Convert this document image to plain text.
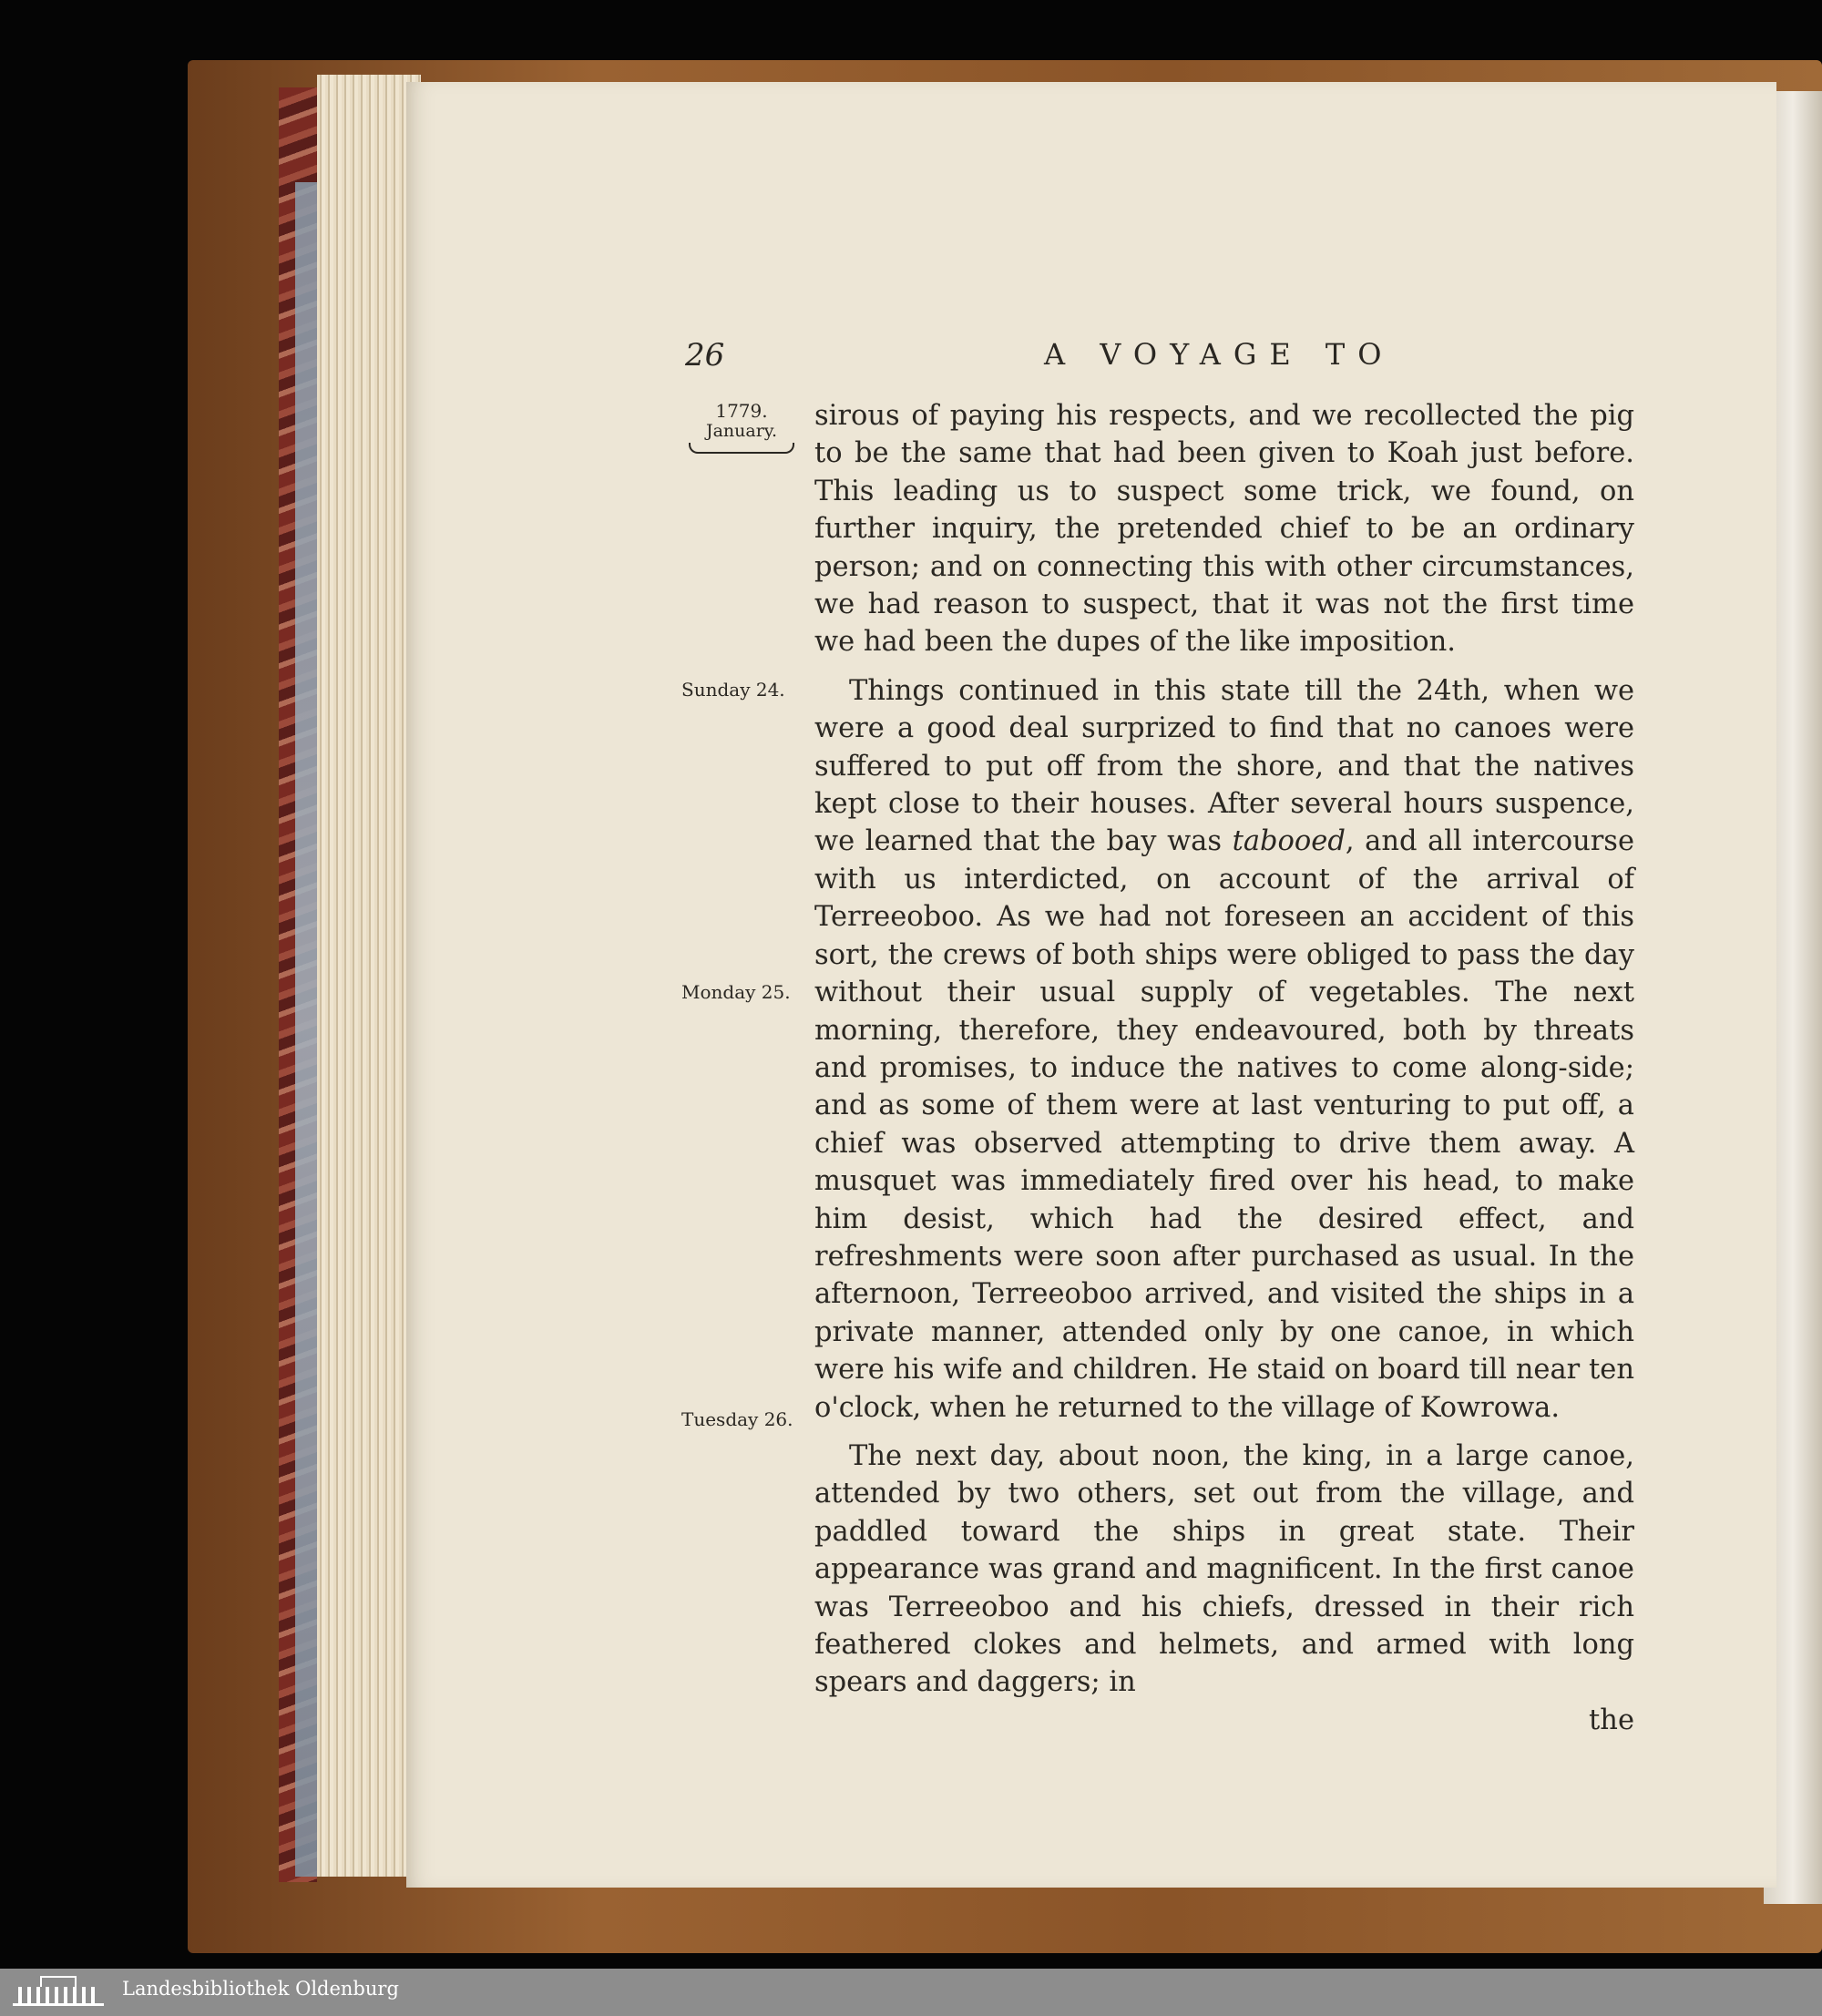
26	A VOYAGE TO
1779.
January.
Sunday 24.
Monday 25.
Tuesday 26.

sirous of paying his respects, and we recollected the pig to be the same that had been given to Koah just before. This leading us to suspect some trick, we found, on further inquiry, the pretended chief to be an ordinary person; and on connecting this with other circumstances, we had reason to suspect, that it was not the first time we had been the dupes of the like imposition.

Things continued in this state till the 24th, when we were a good deal surprized to find that no canoes were suffered to put off from the shore, and that the natives kept close to their houses. After several hours suspence, we learned that the bay was tabooed, and all intercourse with us interdicted, on account of the arrival of Terreeoboo. As we had not foreseen an accident of this sort, the crews of both ships were obliged to pass the day without their usual supply of vegetables. The next morning, therefore, they endeavoured, both by threats and promises, to induce the natives to come along-side; and as some of them were at last venturing to put off, a chief was observed attempting to drive them away. A musquet was immediately fired over his head, to make him desist, which had the desired effect, and refreshments were soon after purchased as usual. In the afternoon, Terreeoboo arrived, and visited the ships in a private manner, attended only by one canoe, in which were his wife and children. He staid on board till near ten o'clock, when he returned to the village of Kowrowa.

The next day, about noon, the king, in a large canoe, attended by two others, set out from the village, and paddled toward the ships in great state. Their appearance was grand and magnificent. In the first canoe was Terreeoboo and his chiefs, dressed in their rich feathered clokes and helmets, and armed with long spears and daggers; in

the
Landesbibliothek Oldenburg
